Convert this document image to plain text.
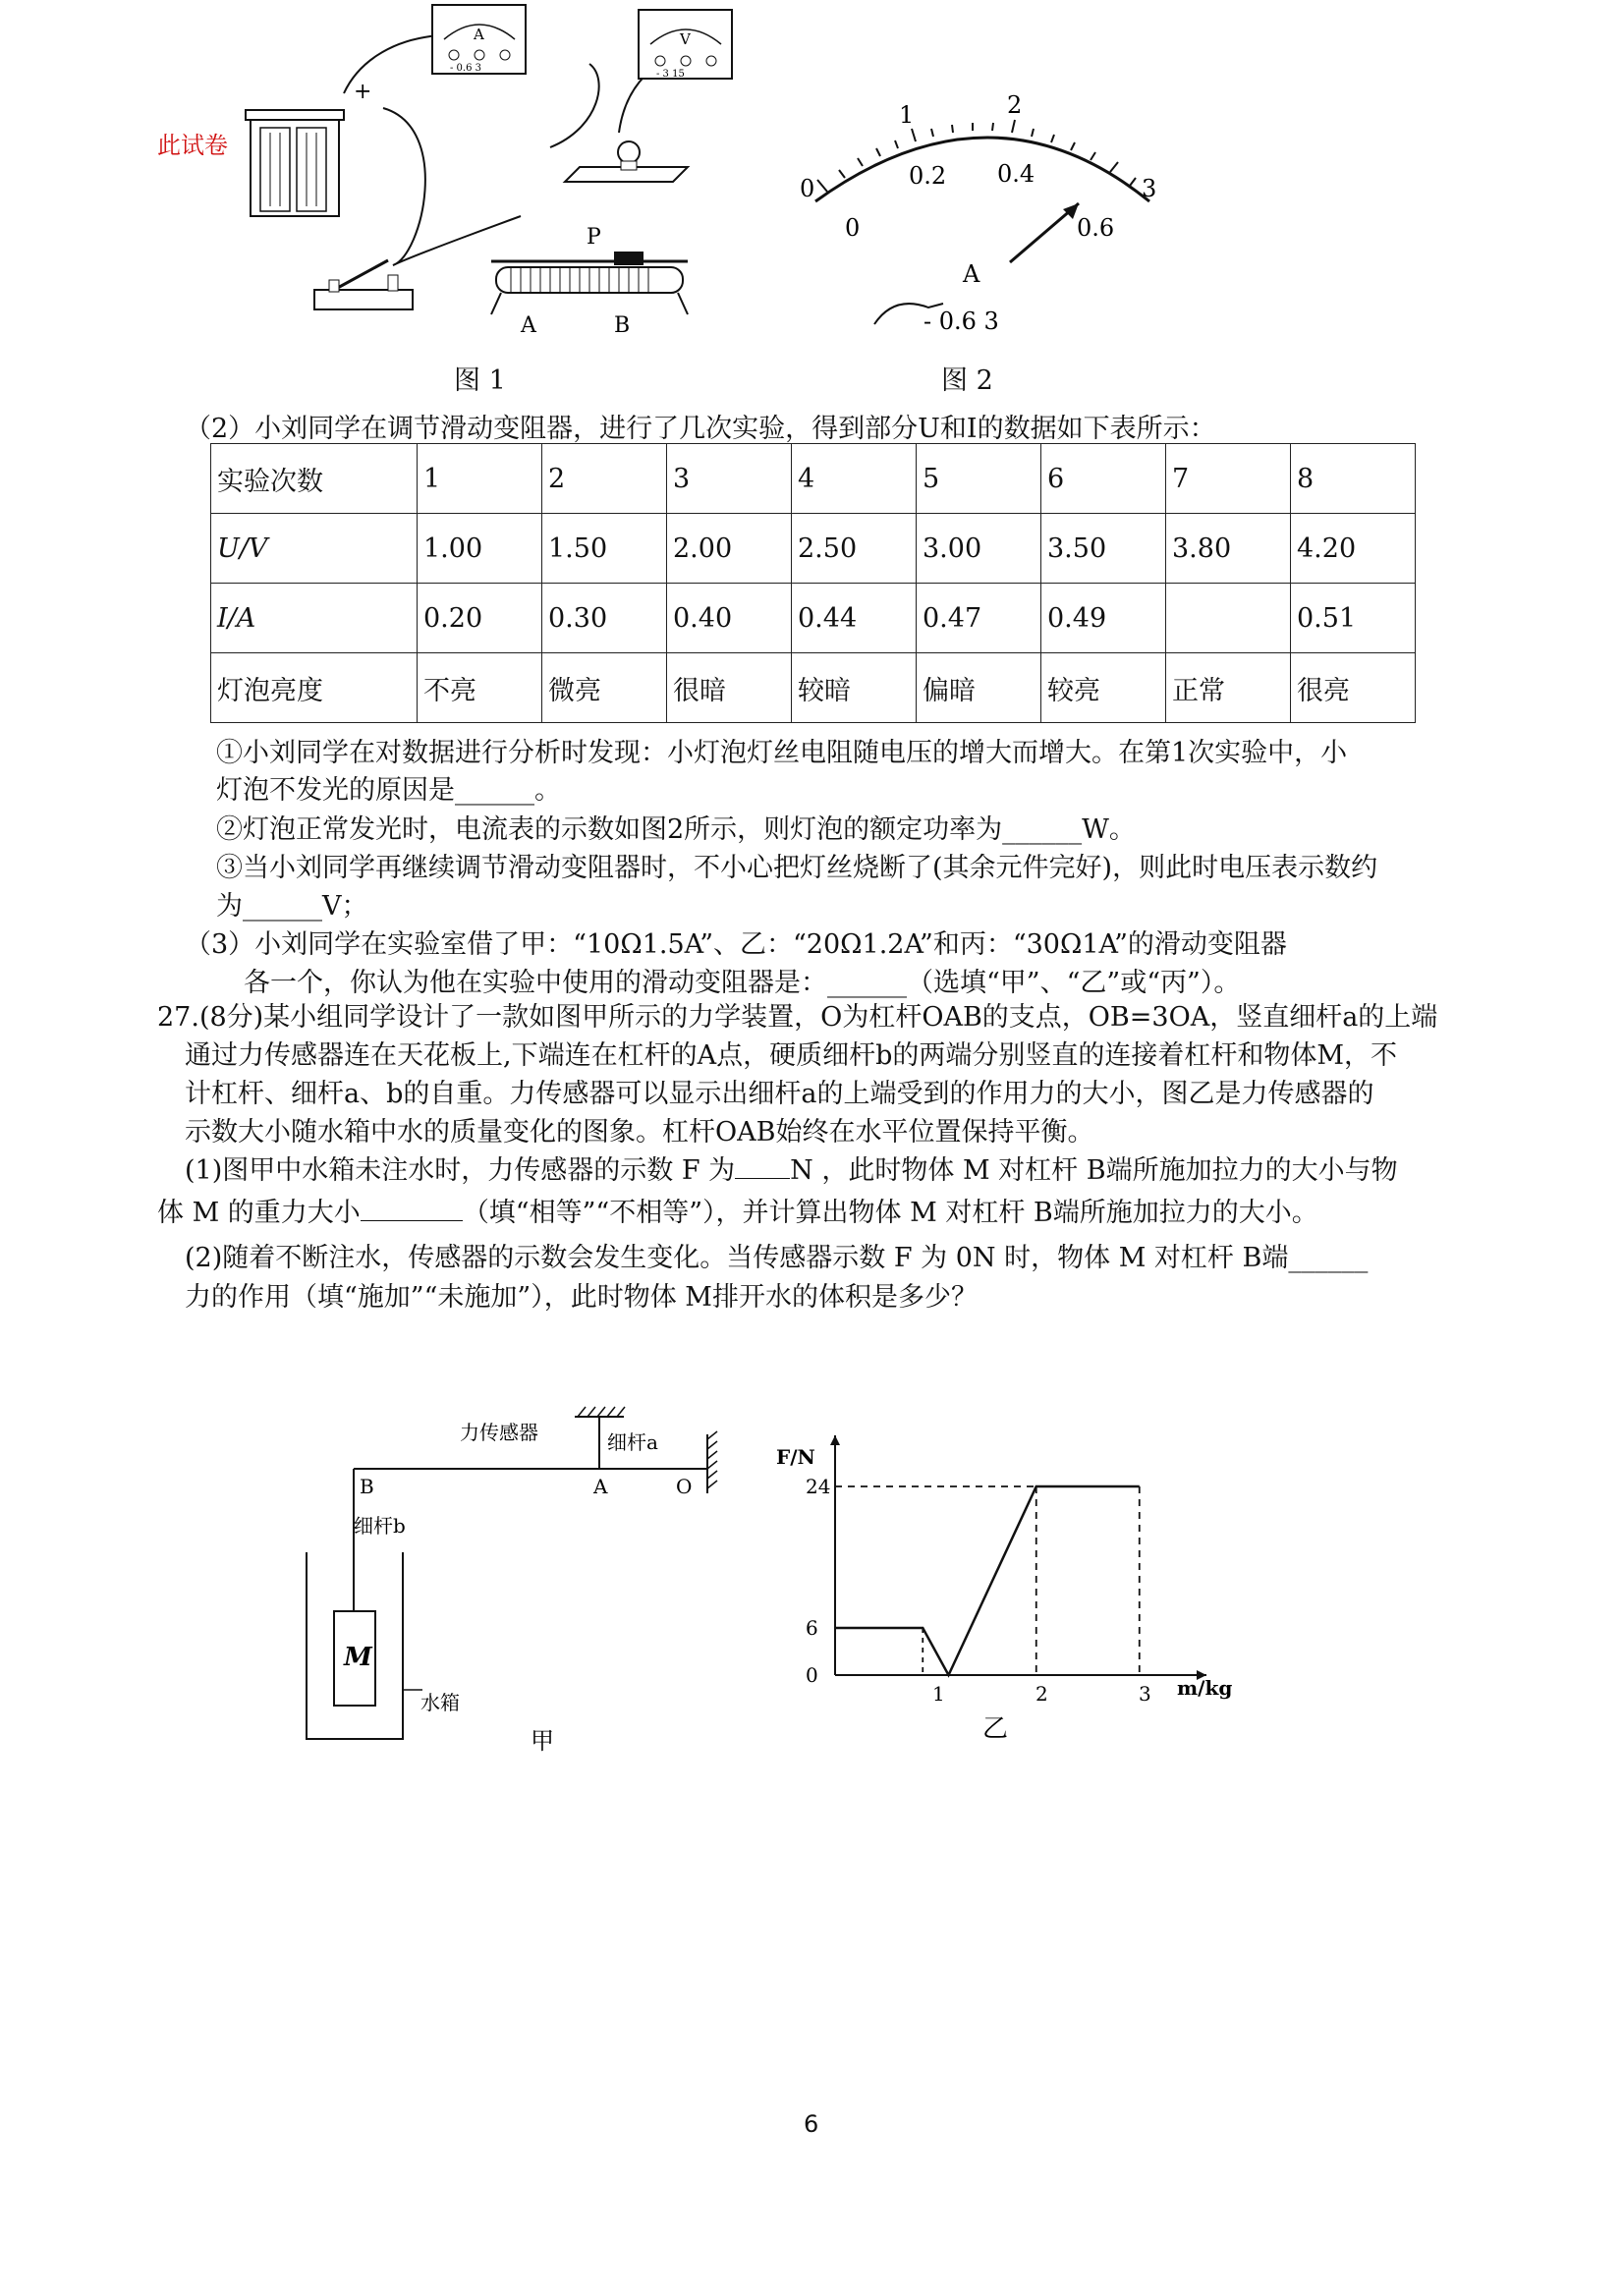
此试卷
+
A
- 0.6 3
V
- 3 15
P
A	B
0
1	2
3
0
0.2 0.4
0.6
A
- 0.6 3
图 1	图 2
（2）小刘同学在调节滑动变阻器，进行了几次实验，得到部分U和I的数据如下表所示：
实验次数	1	2	3	4	5	6	7	8
U/V	1.00	1.50	2.00	2.50	3.00	3.50	3.80	4.20
I/A	0.20	0.30	0.40	0.44	0.47	0.49		0.51
灯泡亮度	不亮	微亮	很暗	较暗	偏暗	较亮	正常	很亮
①小刘同学在对数据进行分析时发现：小灯泡灯丝电阻随电压的增大而增大。在第1次实验中，小
灯泡不发光的原因是______。
②灯泡正常发光时，电流表的示数如图2所示，则灯泡的额定功率为______W。
③当小刘同学再继续调节滑动变阻器时，不小心把灯丝烧断了(其余元件完好)，则此时电压表示数约
为______V；
（3）小刘同学在实验室借了甲：“10Ω1.5A”、乙：“20Ω1.2A”和丙：“30Ω1A”的滑动变阻器
各一个，你认为他在实验中使用的滑动变阻器是：______（选填“甲”、“乙”或“丙”）。
27.(8分)某小组同学设计了一款如图甲所示的力学装置，O为杠杆OAB的支点，OB=3OA，竖直细杆a的上端
通过力传感器连在天花板上,下端连在杠杆的A点，硬质细杆b的两端分别竖直的连接着杠杆和物体M，不
计杠杆、细杆a、b的自重。力传感器可以显示出细杆a的上端受到的作用力的大小，图乙是力传感器的
示数大小随水箱中水的质量变化的图象。杠杆OAB始终在水平位置保持平衡。
(1)图甲中水箱未注水时，力传感器的示数 F 为 N ，此时物体 M 对杠杆 B端所施加拉力的大小与物
体 M 的重力大小	（填“相等”“不相等”），并计算出物体 M 对杠杆 B端所施加拉力的大小。
(2)随着不断注水，传感器的示数会发生变化。当传感器示数 F 为 0N 时，物体 M 对杠杆 B端______
力的作用（填“施加”“未施加”），此时物体 M排开水的体积是多少？
力传感器	细杆a
B	A	O
细杆b
M
水箱
甲
F/N
m/kg
乙
1	2	3
0
6
24
6
